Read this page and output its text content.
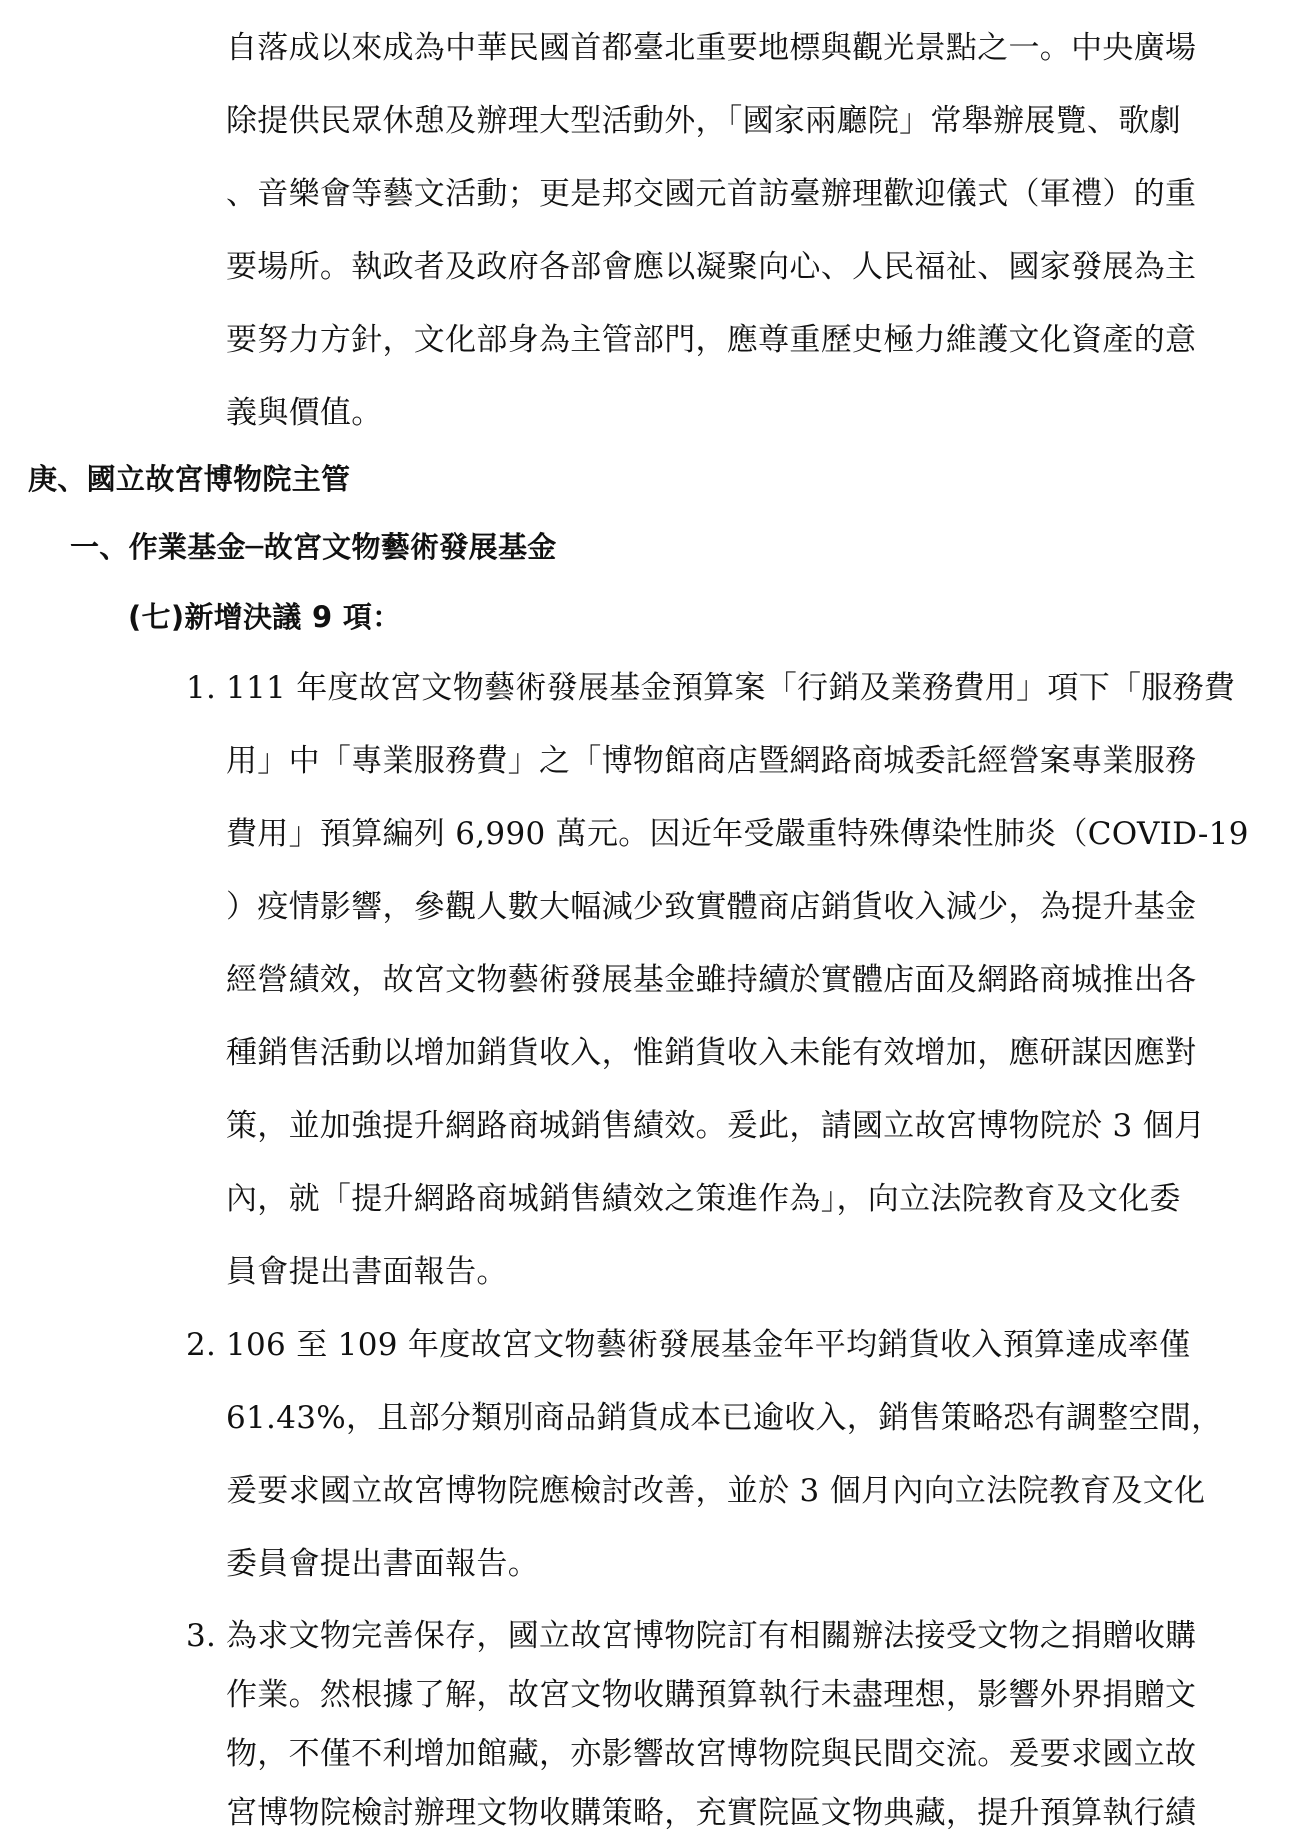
自落成以來成為中華民國首都臺北重要地標與觀光景點之一。中央廣場
除提供民眾休憩及辦理大型活動外，「國家兩廳院」常舉辦展覽、歌劇
、音樂會等藝文活動；更是邦交國元首訪臺辦理歡迎儀式（軍禮）的重
要場所。執政者及政府各部會應以凝聚向心、人民福祉、國家發展為主
要努力方針，文化部身為主管部門，應尊重歷史極力維護文化資產的意
義與價值。
庚、國立故宮博物院主管
一、作業基金─故宮文物藝術發展基金
(七)新增決議 9 項：
1. 111 年度故宮文物藝術發展基金預算案「行銷及業務費用」項下「服務費
用」中「專業服務費」之「博物館商店暨網路商城委託經營案專業服務
費用」預算編列 6,990 萬元。因近年受嚴重特殊傳染性肺炎（COVID-19
）疫情影響，參觀人數大幅減少致實體商店銷貨收入減少，為提升基金
經營績效，故宮文物藝術發展基金雖持續於實體店面及網路商城推出各
種銷售活動以增加銷貨收入，惟銷貨收入未能有效增加，應研謀因應對
策，並加強提升網路商城銷售績效。爰此，請國立故宮博物院於 3 個月
內，就「提升網路商城銷售績效之策進作為」，向立法院教育及文化委
員會提出書面報告。
2. 106 至 109 年度故宮文物藝術發展基金年平均銷貨收入預算達成率僅
61.43%，且部分類別商品銷貨成本已逾收入，銷售策略恐有調整空間，
爰要求國立故宮博物院應檢討改善，並於 3 個月內向立法院教育及文化
委員會提出書面報告。
3. 為求文物完善保存，國立故宮博物院訂有相關辦法接受文物之捐贈收購
作業。然根據了解，故宮文物收購預算執行未盡理想，影響外界捐贈文
物，不僅不利增加館藏，亦影響故宮博物院與民間交流。爰要求國立故
宮博物院檢討辦理文物收購策略，充實院區文物典藏，提升預算執行績
